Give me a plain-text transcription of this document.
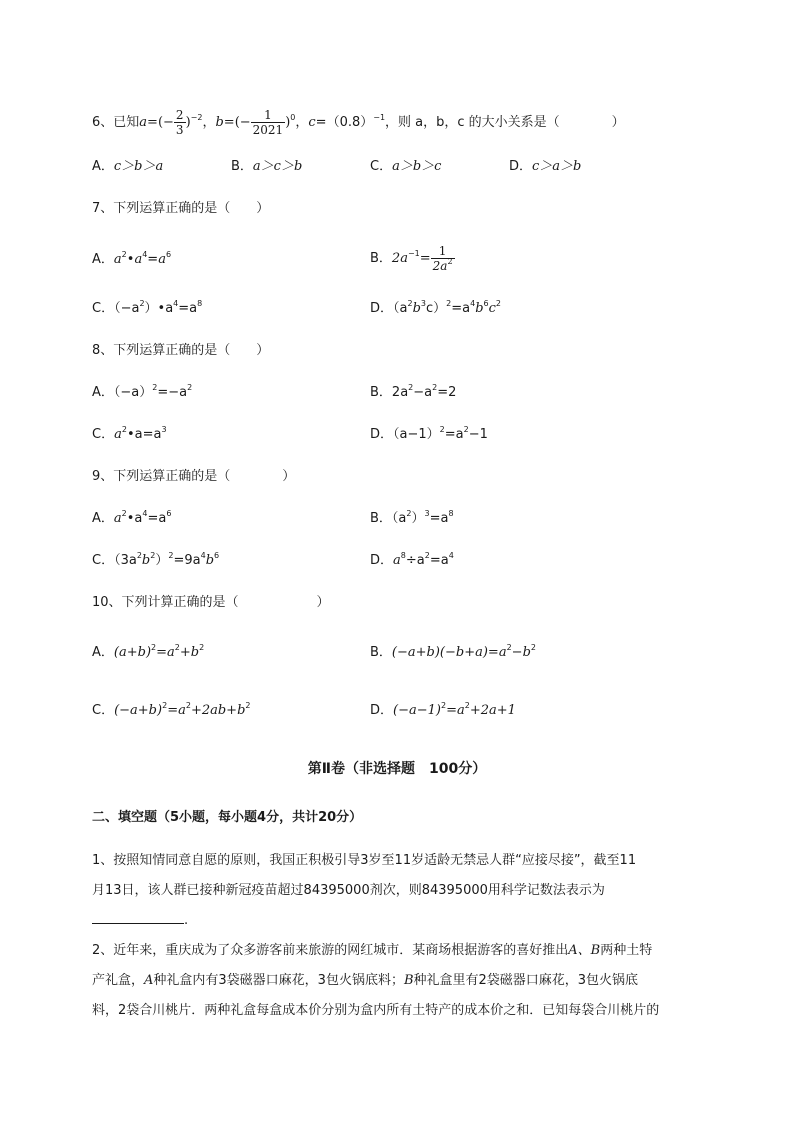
6、已知$a=(- \frac{2}{3} )^{-2}$，$b=(- \frac{1}{2021} )^0$，$c=(0.8)^{-1}$，则 a，b，c 的大小关系是（　　　　）
A．c＞b＞a	B．a＞c＞b	C．a＞b＞c	D．c＞a＞b
7、下列运算正确的是（　　）
A．$a^2•a^4=a^6$	B．$2a^{-1}= \frac{1}{2a^2}$
C．$(-a^2)•a^4=a^8$	D．$(a^2b^3c)^2=a^4b^6c^2$
8、下列运算正确的是（　　）
A．$(-a)^2=-a^2$	B．$2a^2-a^2=2$
C．$a^2•a=a^3$	D．$(a-1)^2=a^2-1$
9、下列运算正确的是（　　　　）
A．$a^2•a^4=a^6$	B．$(a^2)^3=a^8$
C．$(3a^2b^2)^2=9a^4b^6$	D．$a^8\div a^2=a^4$
10、下列计算正确的是（　　　　　　）
A．$(a+b)^2=a^2+b^2$	B．$(-a+b)(-b+a)=a^2-b^2$
C．$(-a+b)^2=a^2+2ab+b^2$	D．$(-a-1)^2=a^2+2a+1$
第Ⅱ卷（非选择题　100分）
二、填空题（5小题，每小题4分，共计20分）
1、按照知情同意自愿的原则，我国正积极引导3岁至11岁适龄无禁忌人群“应接尽接”，截至11
月13日，该人群已接种新冠疫苗超过84395000剂次，则84395000用科学记数法表示为
.
2、近年来，重庆成为了众多游客前来旅游的网红城市．某商场根据游客的喜好推出A、B两种土特
产礼盒，A种礼盒内有3袋磁器口麻花，3包火锅底料；B种礼盒里有2袋磁器口麻花，3包火锅底
料，2袋合川桃片．两种礼盒每盒成本价分别为盒内所有土特产的成本价之和．已知每袋合川桃片的
